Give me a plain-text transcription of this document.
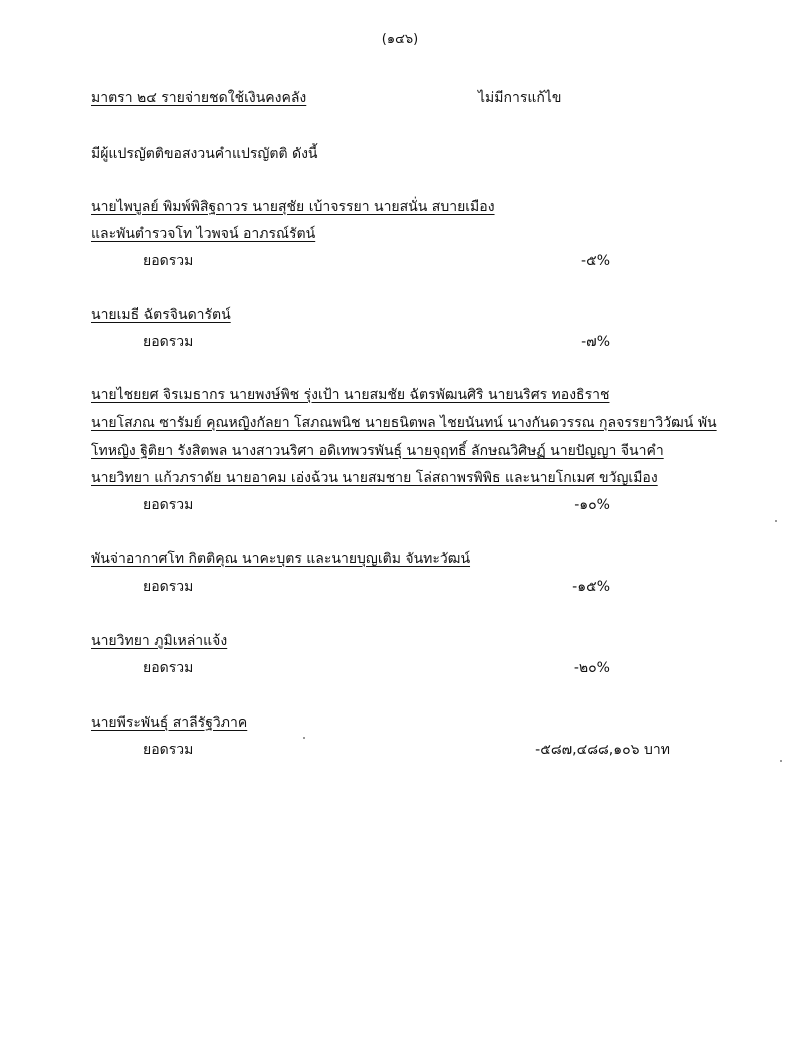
(๑๔๖)
มาตรา ๒๔ รายจ่ายชดใช้เงินคงคลัง	ไม่มีการแก้ไข
มีผู้แปรญัตติขอสงวนคำแปรญัตติ ดังนี้
นายไพบูลย์ พิมพ์พิสิฐถาวร นายสุชัย เบ้าจรรยา นายสนั่น สบายเมือง
และพันตำรวจโท ไวพจน์ อาภรณ์รัตน์
ยอดรวม	-๕%
นายเมธี ฉัตรจินดารัตน์
ยอดรวม	-๗%
นายไชยยศ จิรเมธากร นายพงษ์พิช รุ่งเป้า นายสมชัย ฉัตรพัฒนศิริ นายนริศร ทองธิราช
นายโสภณ ซารัมย์ คุณหญิงกัลยา โสภณพนิช นายธนิตพล ไชยนันทน์ นางกันดวรรณ กุลจรรยาวิวัฒน์ พัน
โทหญิง ฐิติยา รังสิตพล นางสาวนริศา อดิเทพวรพันธุ์ นายจุฤทธิ์ ลักษณวิศิษฏ์ นายปัญญา จีนาคำ
นายวิทยา แก้วภราดัย นายอาคม เอ่งฉ้วน นายสมชาย โล่สถาพรพิพิธ และนายโกเมศ ขวัญเมือง
ยอดรวม	-๑๐%
พันจ่าอากาศโท กิตติคุณ นาคะบุตร และนายบุญเติม จันทะวัฒน์
ยอดรวม	-๑๕%
นายวิทยา ภูมิเหล่าแจ้ง
ยอดรวม	-๒๐%
นายพีระพันธุ์ สาลีรัฐวิภาค
ยอดรวม	-๕๘๗,๔๘๘,๑๐๖ บาท
